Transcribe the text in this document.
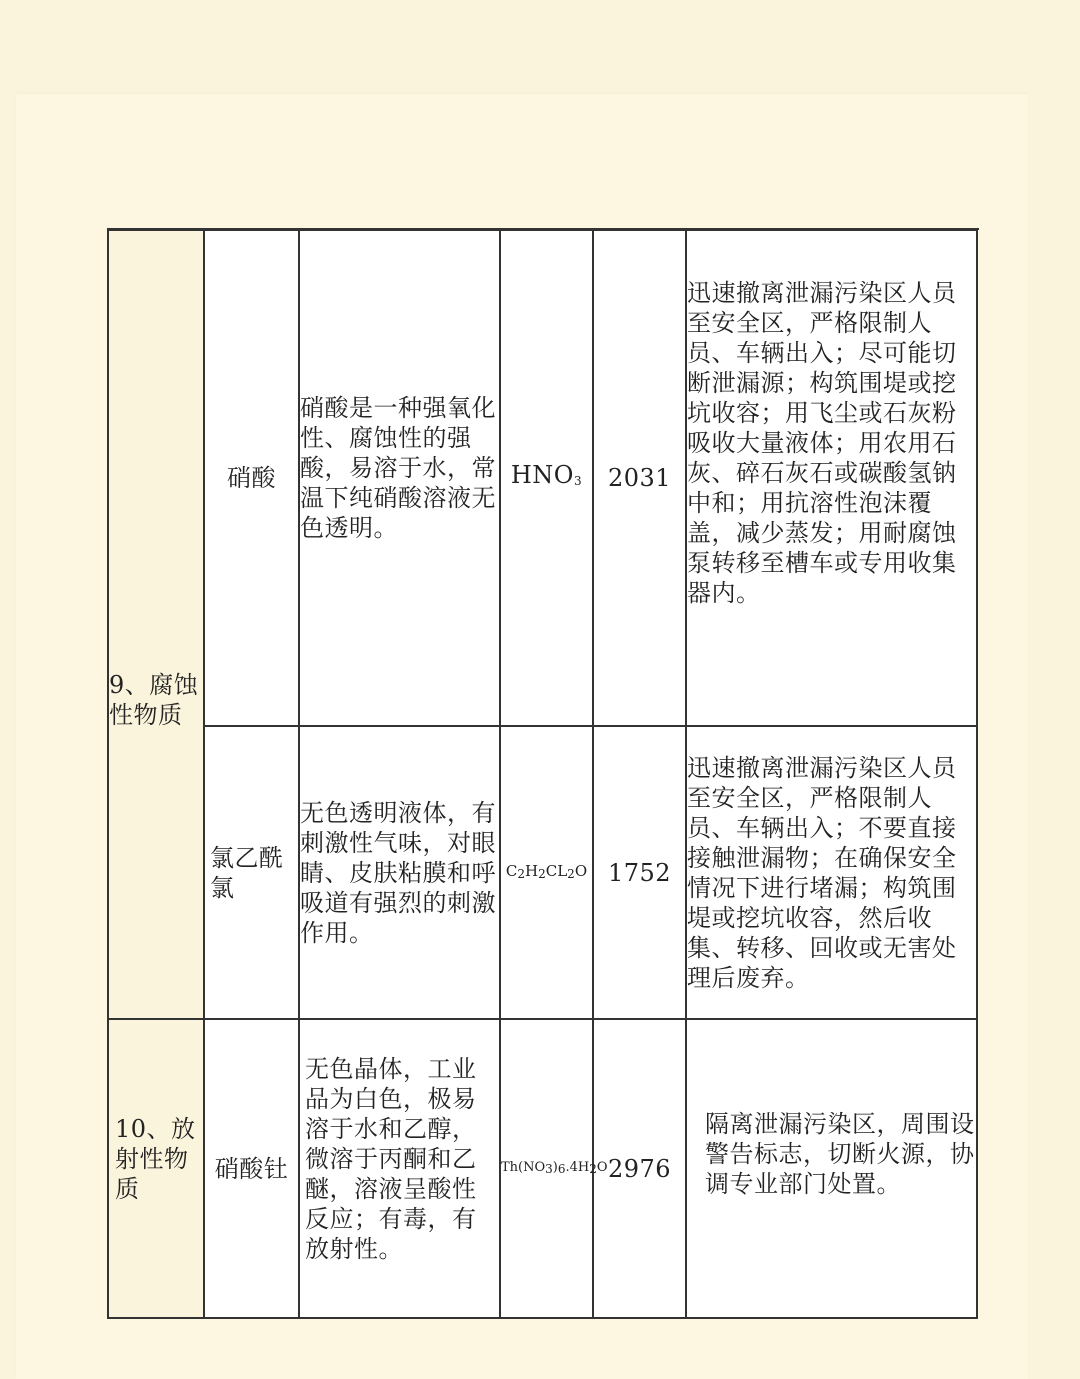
9、腐蚀性物质	硝酸	硝酸是一种强氧化性、腐蚀性的强酸，易溶于水，常温下纯硝酸溶液无色透明。	$HNO_3$	2031	迅速撤离泄漏污染区人员至安全区，严格限制人员、车辆出入；尽可能切断泄漏源；构筑围堤或挖坑收容；用飞尘或石灰粉吸收大量液体；用农用石灰、碎石灰石或碳酸氢钠中和；用抗溶性泡沫覆盖，减少蒸发；用耐腐蚀泵转移至槽车或专用收集器内。

	氯乙酰氯	无色透明液体，有刺激性气味，对眼睛、皮肤粘膜和呼吸道有强烈的刺激作用。	$C_2H_2CL_2O$	1752	迅速撤离泄漏污染区人员至安全区，严格限制人员、车辆出入；不要直接接触泄漏物；在确保安全情况下进行堵漏；构筑围堤或挖坑收容，然后收集、转移、回收或无害处理后废弃。

10、放射性物质	硝酸钍	无色晶体，工业品为白色，极易溶于水和乙醇，微溶于丙酮和乙醚，溶液呈酸性反应；有毒，有放射性。	$Th(NO_3)_6.4H_2O$	2976	隔离泄漏污染区，周围设警告标志，切断火源，协调专业部门处置。
